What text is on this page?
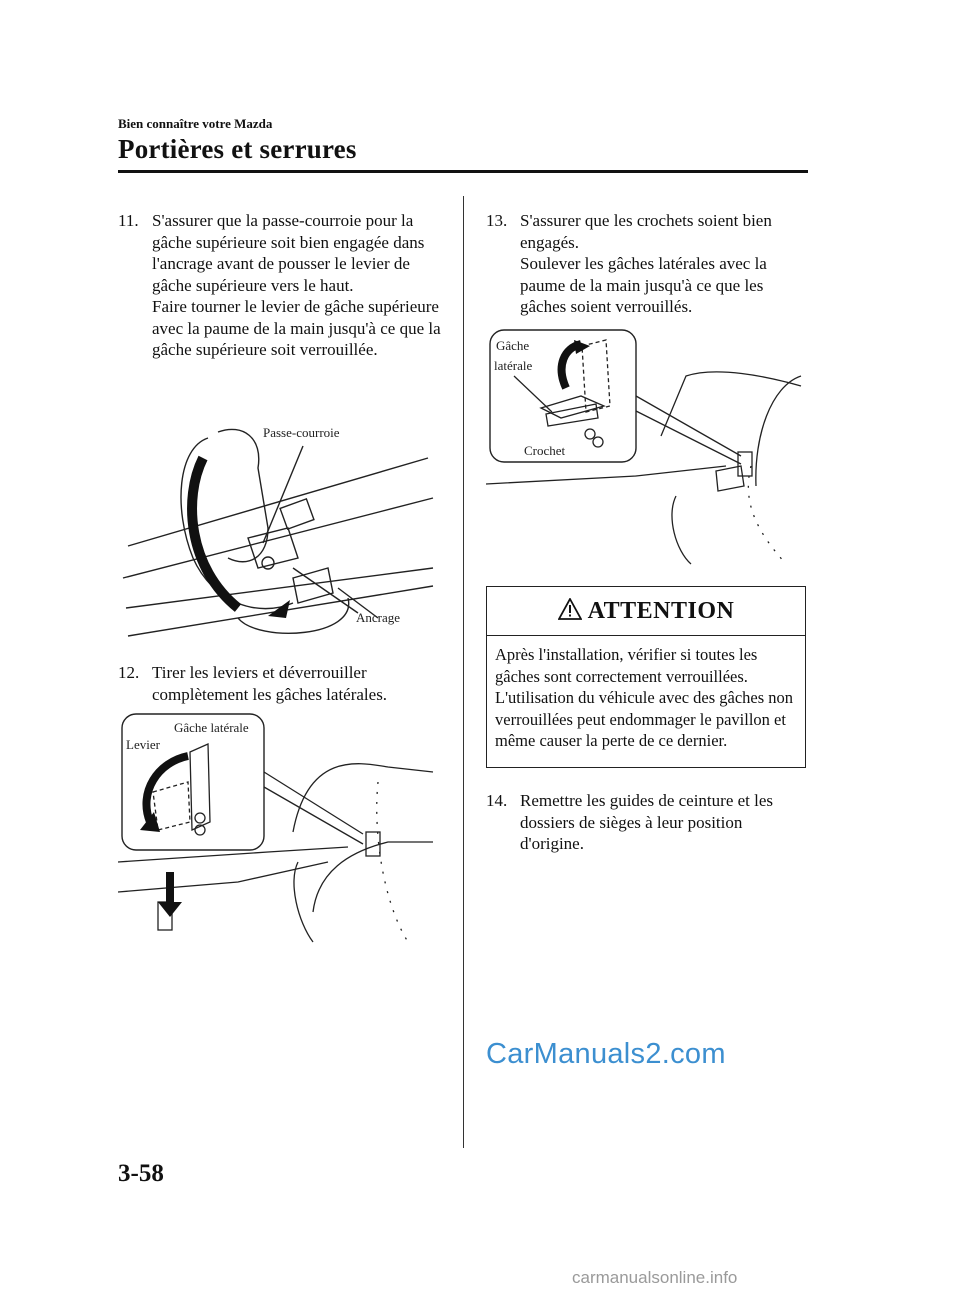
Bien connaître votre Mazda
Portières et serrures
11. S'assurer que la passe-courroie pour la gâche supérieure soit bien engagée dans l'ancrage avant de pousser le levier de gâche supérieure vers le haut.
Faire tourner le levier de gâche supérieure avec la paume de la main jusqu'à ce que la gâche supérieure soit verrouillée.
Passe-courroie
Ancrage
12. Tirer les leviers et déverrouiller complètement les gâches latérales.
Gâche latérale
Levier
13. S'assurer que les crochets soient bien engagés.
Soulever les gâches latérales avec la paume de la main jusqu'à ce que les gâches soient verrouillés.
Gâche
latérale
Crochet
ATTENTION
Après l'installation, vérifier si toutes les gâches sont correctement verrouillées. L'utilisation du véhicule avec des gâches non verrouillées peut endommager le pavillon et même causer la perte de ce dernier.
14. Remettre les guides de ceinture et les dossiers de sièges à leur position d'origine.
CarManuals2.com
3-58
carmanualsonline.info
